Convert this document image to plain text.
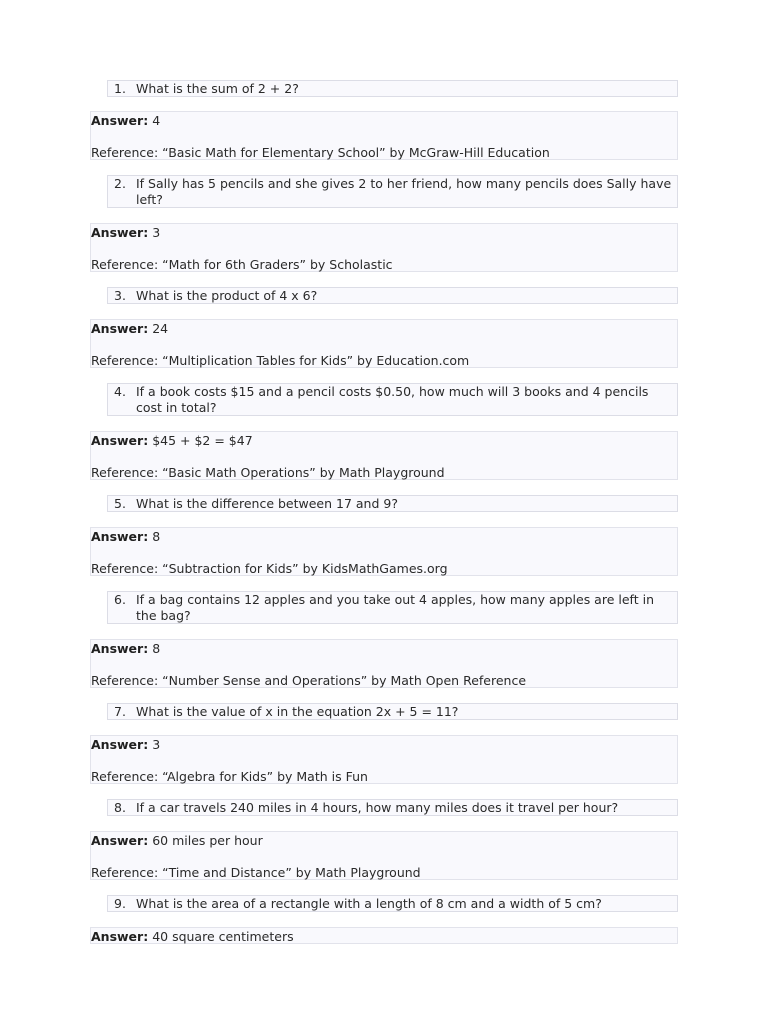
1. What is the sum of 2 + 2?
Answer: 4
Reference: “Basic Math for Elementary School” by McGraw-Hill Education
2. If Sally has 5 pencils and she gives 2 to her friend, how many pencils does Sally have left?
Answer: 3
Reference: “Math for 6th Graders” by Scholastic
3. What is the product of 4 x 6?
Answer: 24
Reference: “Multiplication Tables for Kids” by Education.com
4. If a book costs $15 and a pencil costs $0.50, how much will 3 books and 4 pencils cost in total?
Answer: $45 + $2 = $47
Reference: “Basic Math Operations” by Math Playground
5. What is the difference between 17 and 9?
Answer: 8
Reference: “Subtraction for Kids” by KidsMathGames.org
6. If a bag contains 12 apples and you take out 4 apples, how many apples are left in the bag?
Answer: 8
Reference: “Number Sense and Operations” by Math Open Reference
7. What is the value of x in the equation 2x + 5 = 11?
Answer: 3
Reference: “Algebra for Kids” by Math is Fun
8. If a car travels 240 miles in 4 hours, how many miles does it travel per hour?
Answer: 60 miles per hour
Reference: “Time and Distance” by Math Playground
9. What is the area of a rectangle with a length of 8 cm and a width of 5 cm?
Answer: 40 square centimeters
